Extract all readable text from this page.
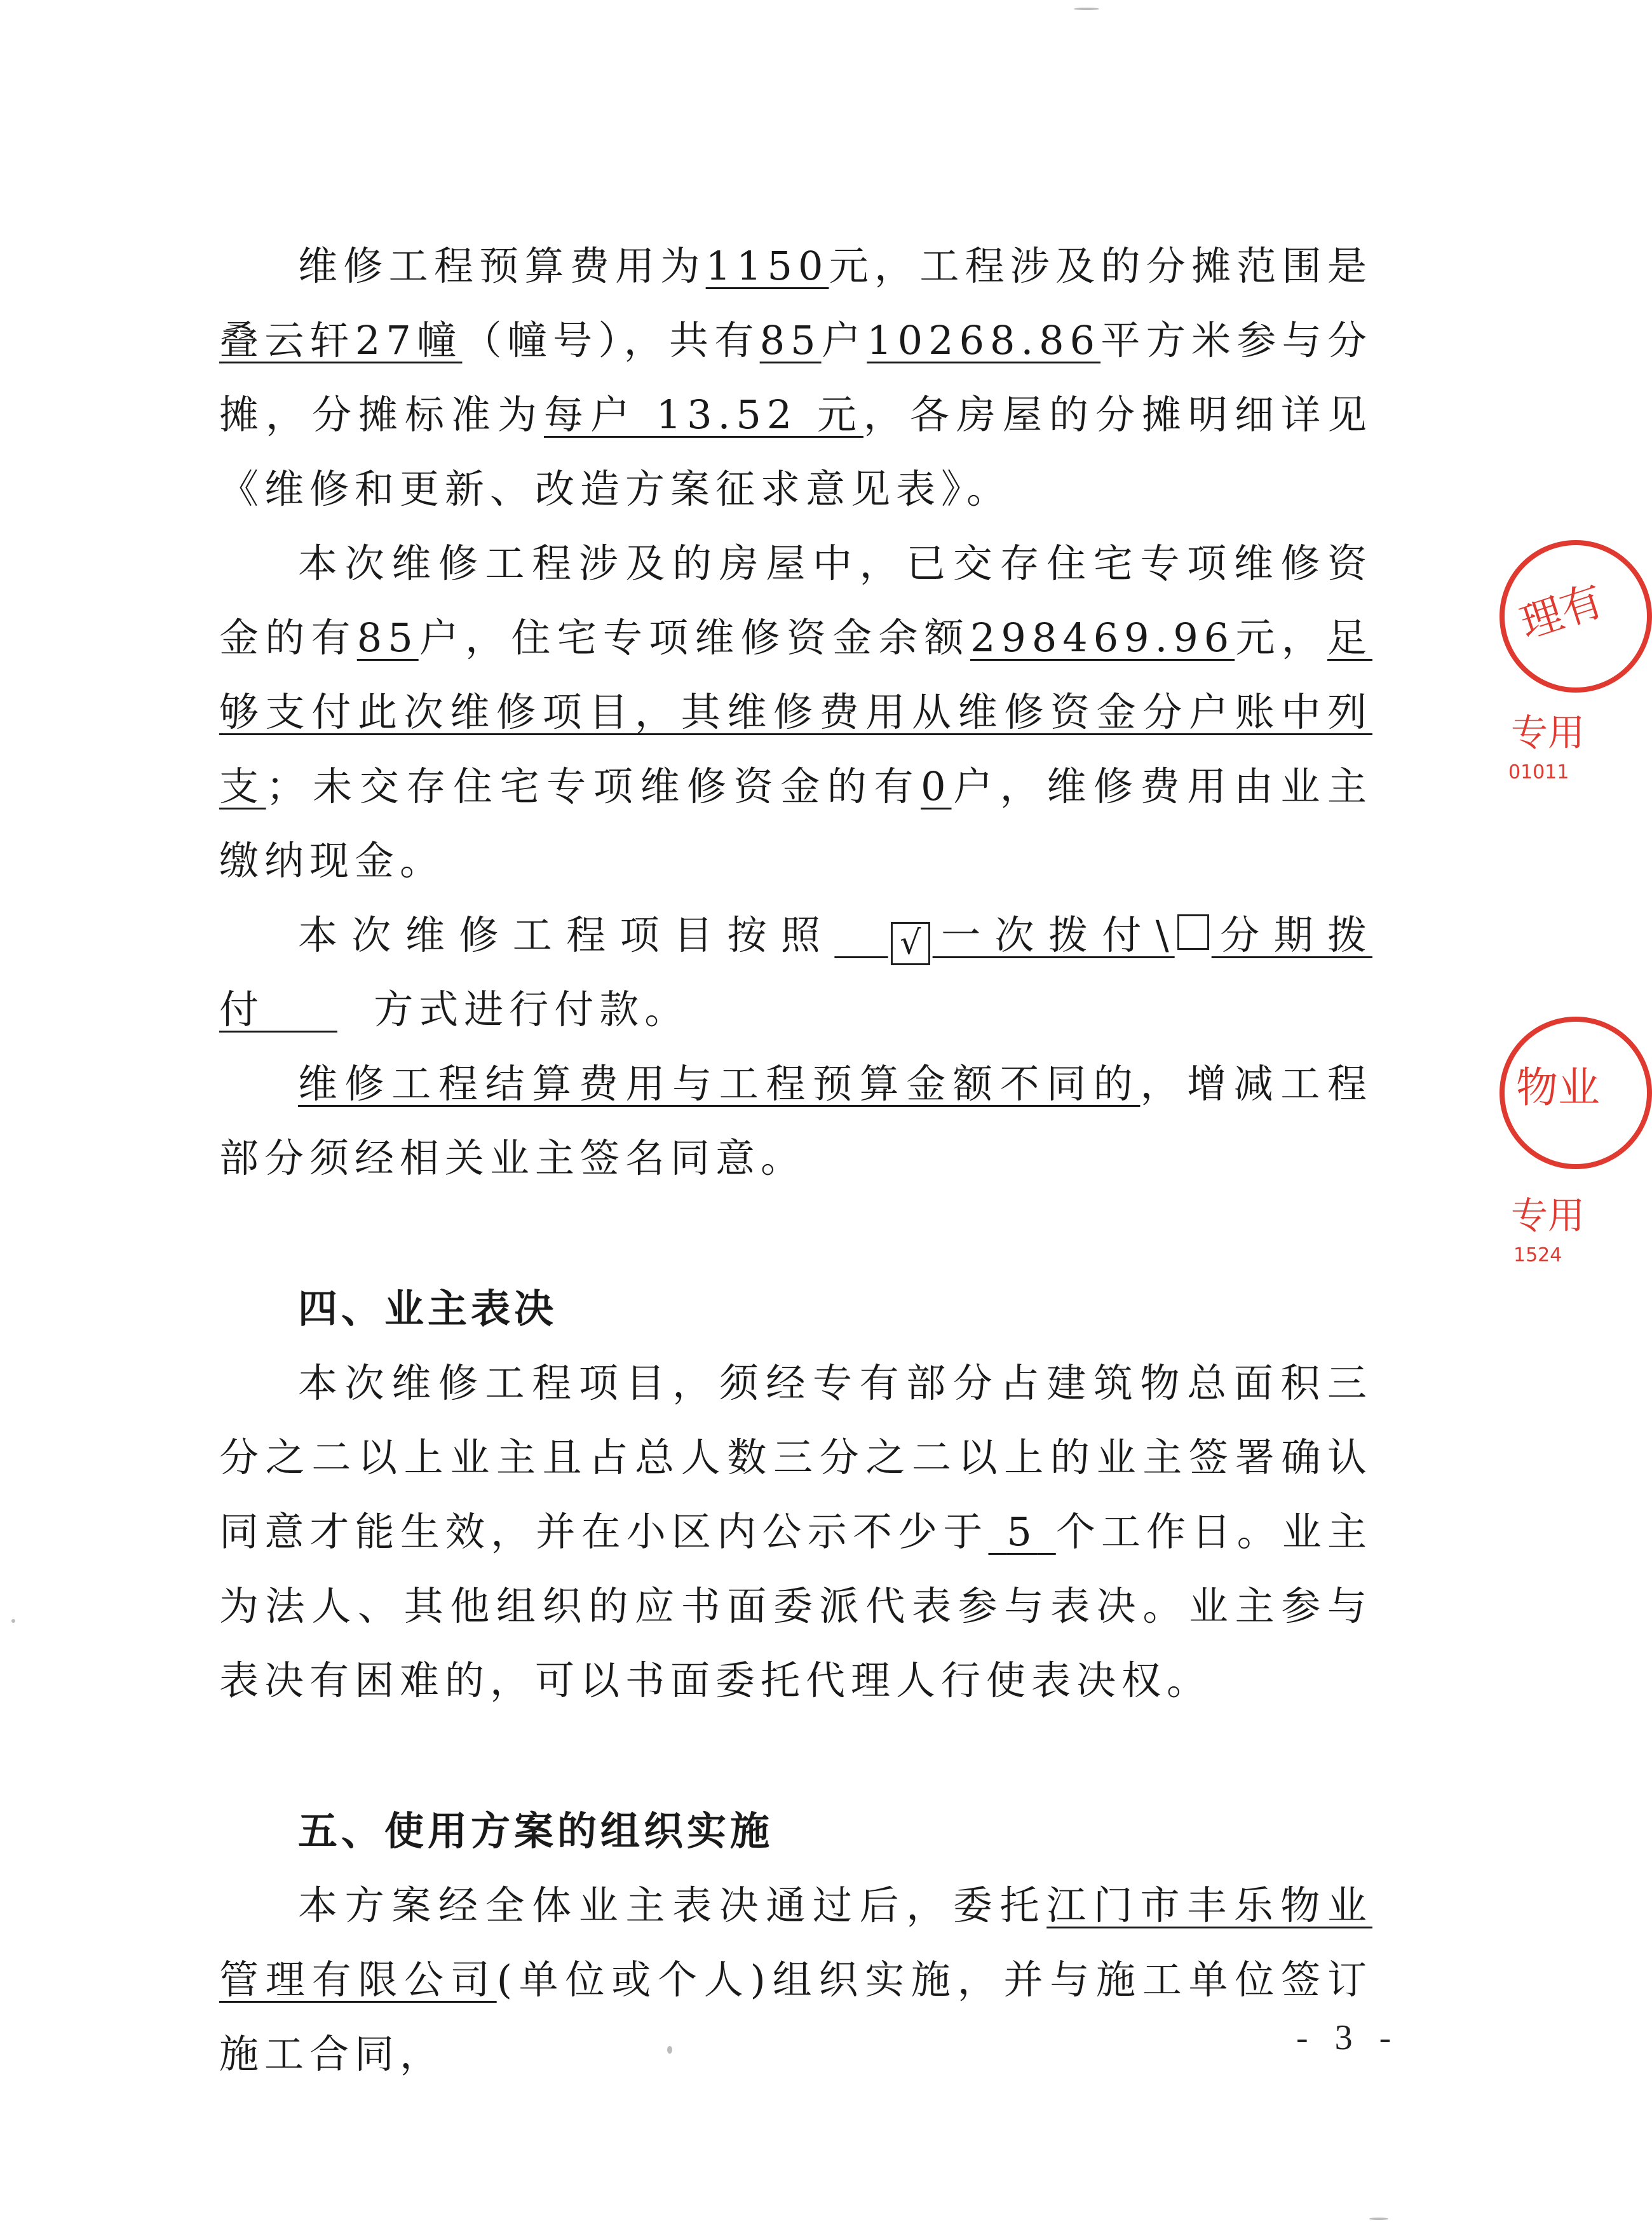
维修工程预算费用为1150元，工程涉及的分摊范围是叠云轩27幢（幢号），共有85户10268.86平方米参与分摊，分摊标准为每户 13.52 元，各房屋的分摊明细详见《维修和更新、改造方案征求意见表》。

本次维修工程涉及的房屋中，已交存住宅专项维修资金的有85户，住宅专项维修资金余额298469.96元，足够支付此次维修项目，其维修费用从维修资金分户账中列支；未交存住宅专项维修资金的有0户，维修费用由业主缴纳现金。

本次维修工程项目按照 √ 一次拨付\ 分期拨付	方式进行付款。

维修工程结算费用与工程预算金额不同的，增减工程部分须经相关业主签名同意。

四、业主表决

本次维修工程项目，须经专有部分占建筑物总面积三分之二以上业主且占总人数三分之二以上的业主签署确认同意才能生效，并在小区内公示不少于 5 个工作日。业主为法人、其他组织的应书面委派代表参与表决。业主参与表决有困难的，可以书面委托代理人行使表决权。

五、使用方案的组织实施

本方案经全体业主表决通过后，委托江门市丰乐物业管理有限公司(单位或个人)组织实施，并与施工单位签订施工合同，	- 3 -
理有
专用
01011
物业
专用
1524
